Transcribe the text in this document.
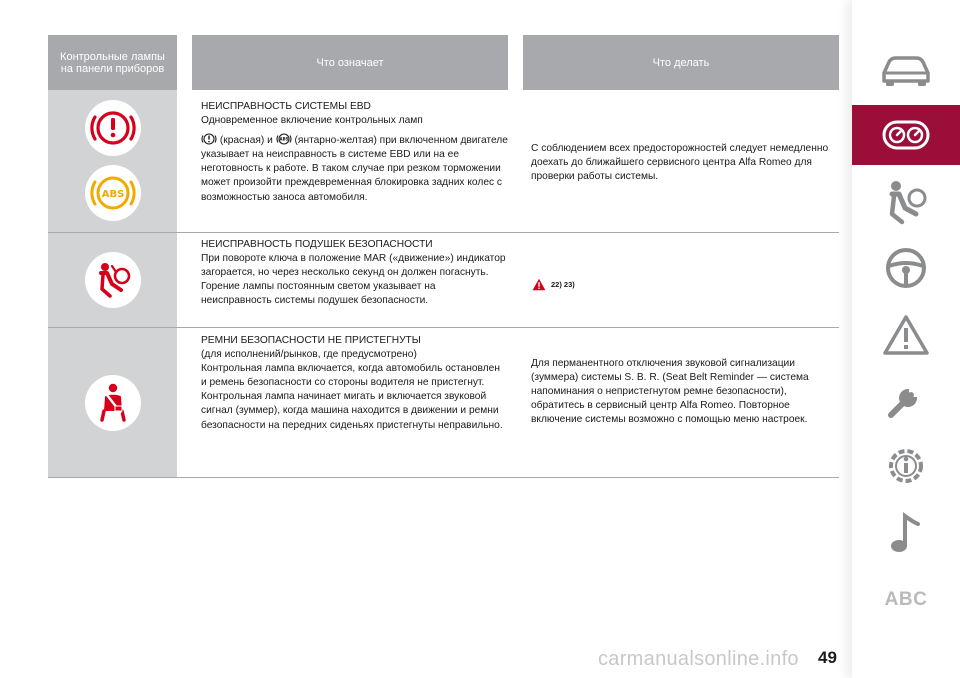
Контрольные лампы на панели приборов	Что означает	Что делать
ABS
НЕИСПРАВНОСТЬ СИСТЕМЫ EBD
Одновременное включение контрольных ламп
(красная) и ABS (янтарно-желтая) при включенном двигателе указывает на неисправность в системе EBD или на ее неготовность к работе. В таком случае при резком торможении может произойти преждевременная блокировка задних колес с возможностью заноса автомобиля.
С соблюдением всех предосторожностей следует немедленно доехать до ближайшего сервисного центра Alfa Romeo для проверки работы системы.
НЕИСПРАВНОСТЬ ПОДУШЕК БЕЗОПАСНОСТИ
При повороте ключа в положение MAR («движение») индикатор загорается, но через несколько секунд он должен погаснуть. Горение лампы постоянным светом указывает на неисправность системы подушек безопасности.
22) 23)
РЕМНИ БЕЗОПАСНОСТИ НЕ ПРИСТЕГНУТЫ
(для исполнений/рынков, где предусмотрено)
Контрольная лампа включается, когда автомобиль остановлен и ремень безопасности со стороны водителя не пристегнут. Контрольная лампа начинает мигать и включается звуковой сигнал (зуммер), когда машина находится в движении и ремни безопасности на передних сиденьях пристегнуты неправильно.
Для перманентного отключения звуковой сигнализации (зуммера) системы S. B. R. (Seat Belt Reminder — система напоминания о непристегнутом ремне безопасности), обратитесь в сервисный центр Alfa Romeo. Повторное включение системы возможно с помощью меню настроек.
ABC
carmanualsonline.info 49
